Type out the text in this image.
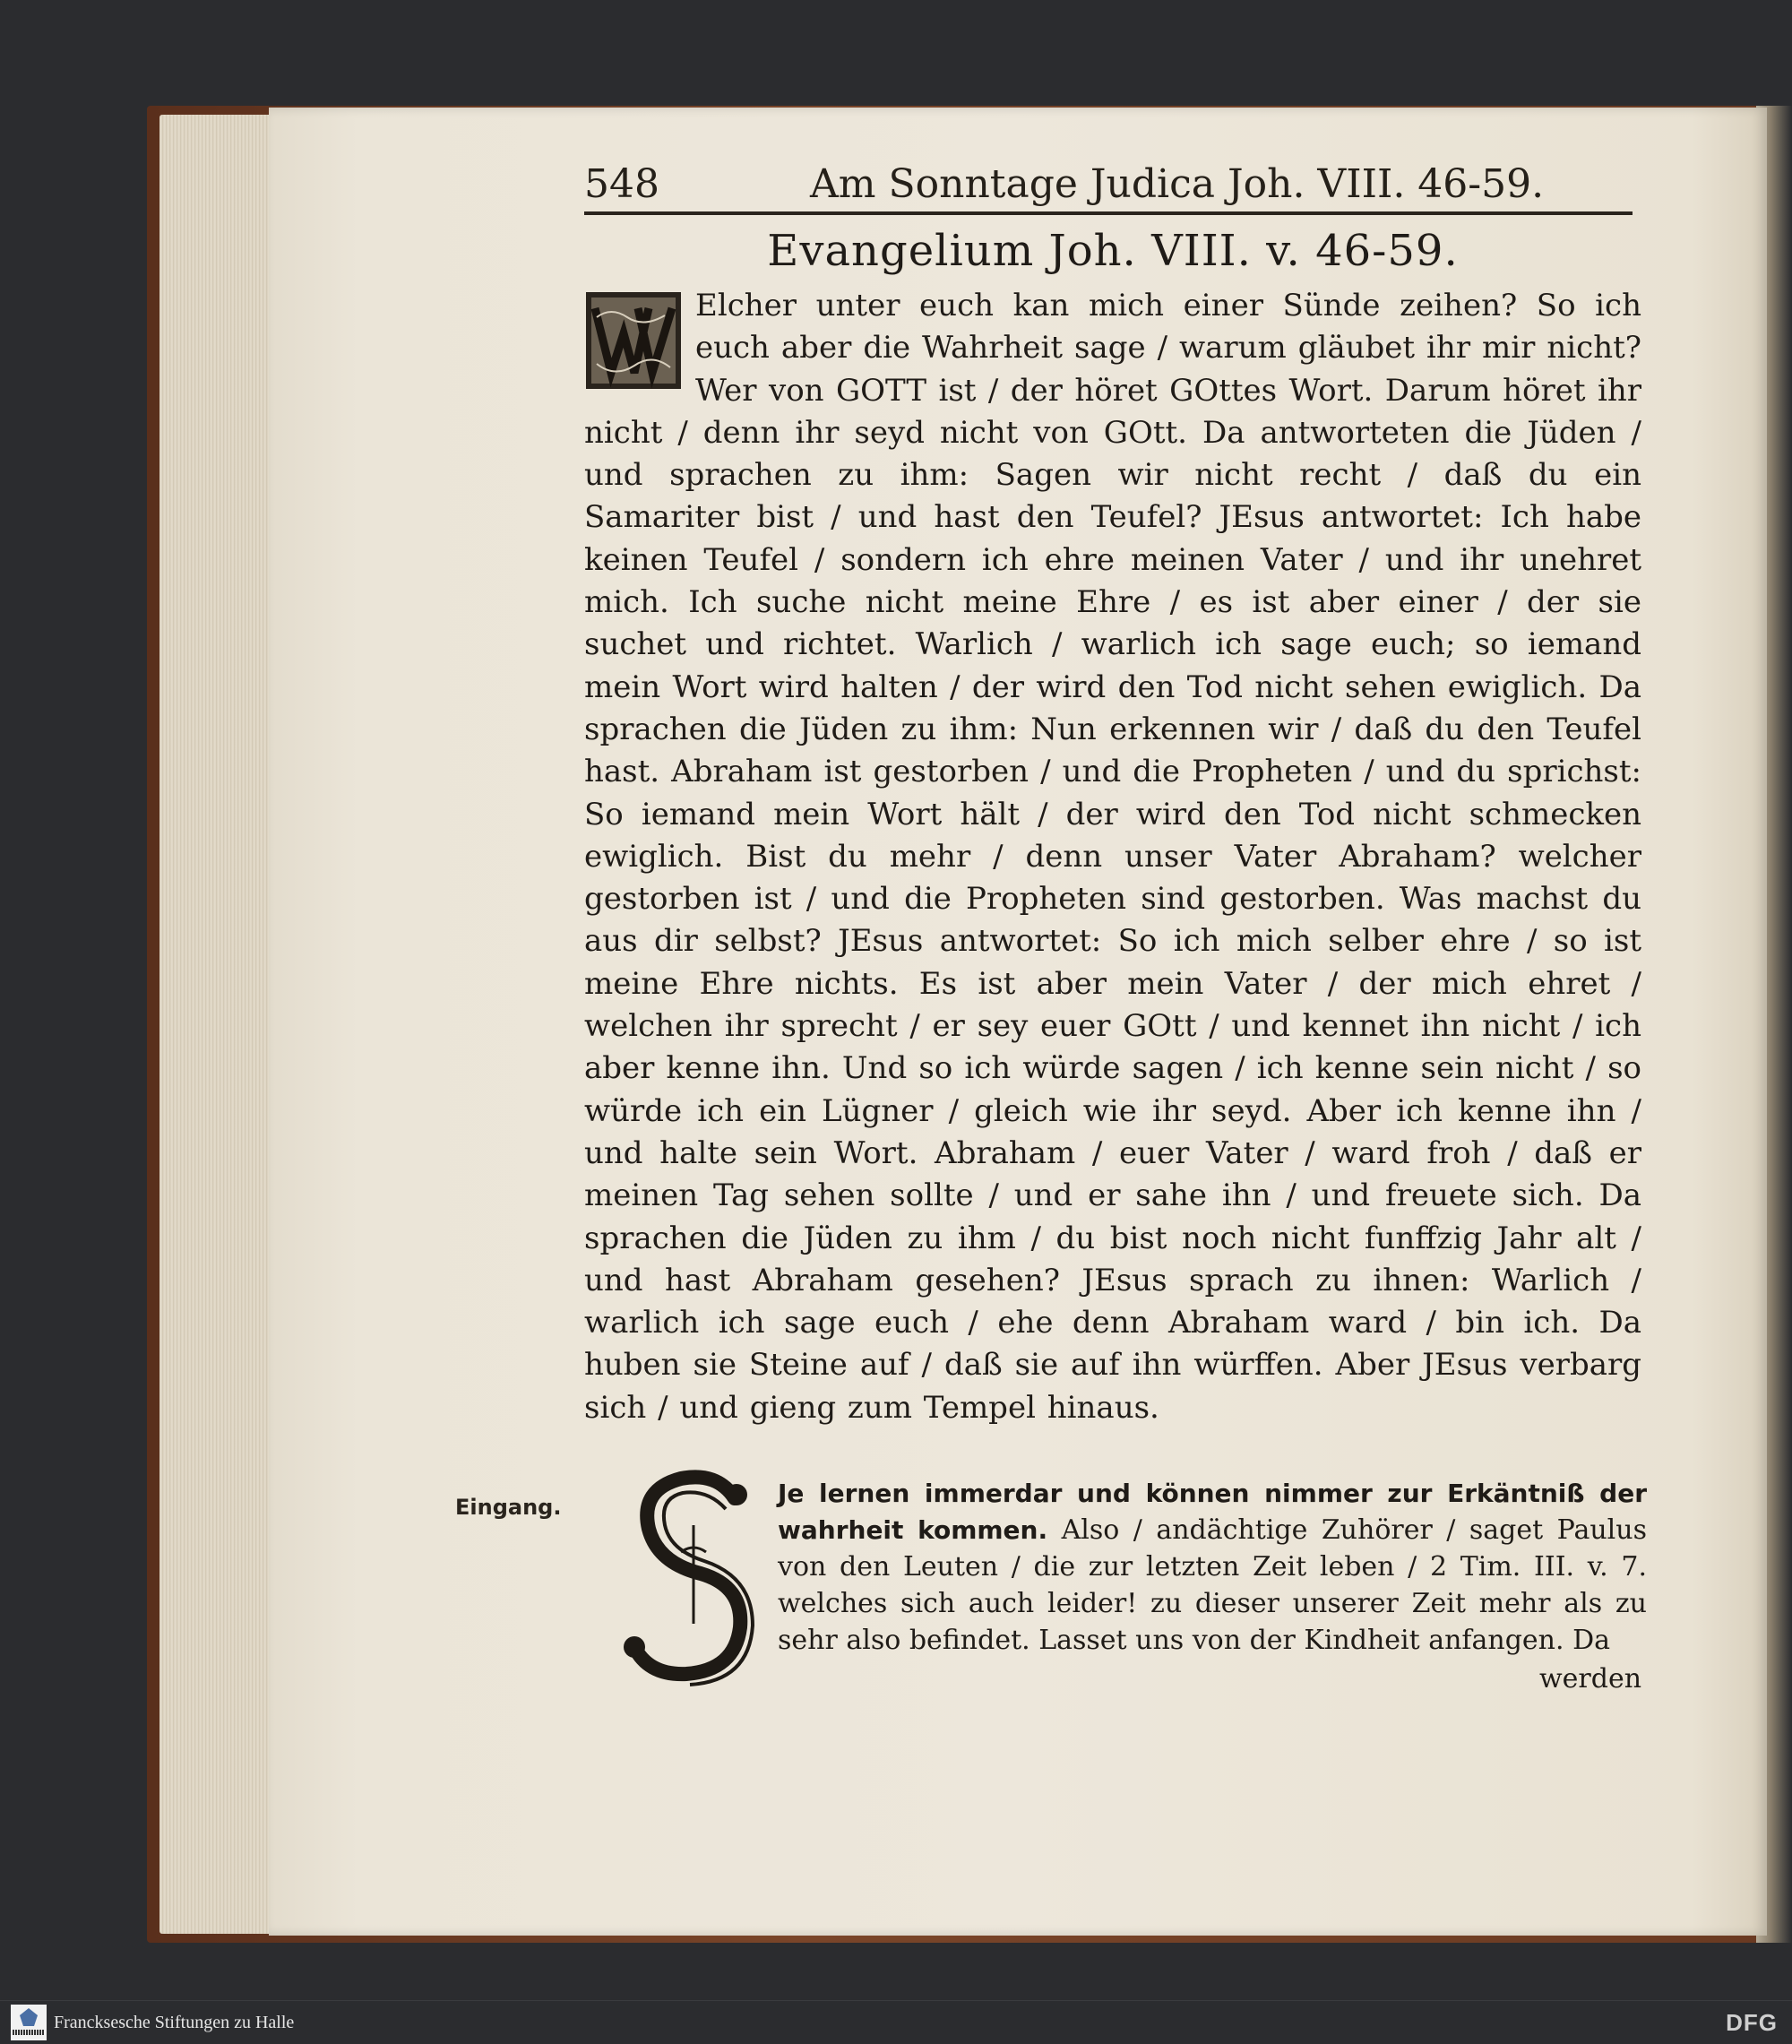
548	Am Sonntage Judica Joh. VIII. 46-59.
Evangelium Joh. VIII. v. 46-59.
Elcher unter euch kan mich einer Sünde zeihen? So ich euch aber die Wahrheit sage / warum gläubet ihr mir nicht? Wer von GOTT ist / der höret GOttes Wort. Darum höret ihr nicht / denn ihr seyd nicht von GOtt. Da antworteten die Jüden / und sprachen zu ihm: Sagen wir nicht recht / daß du ein Samariter bist / und hast den Teufel? JEsus antwortet: Ich habe keinen Teufel / sondern ich ehre meinen Vater / und ihr unehret mich. Ich suche nicht meine Ehre / es ist aber einer / der sie suchet und richtet. Warlich / warlich ich sage euch; so iemand mein Wort wird halten / der wird den Tod nicht sehen ewiglich. Da sprachen die Jüden zu ihm: Nun erkennen wir / daß du den Teufel hast. Abraham ist gestorben / und die Propheten / und du sprichst: So iemand mein Wort hält / der wird den Tod nicht schmecken ewiglich. Bist du mehr / denn unser Vater Abraham? welcher gestorben ist / und die Propheten sind gestorben. Was machst du aus dir selbst? JEsus antwortet: So ich mich selber ehre / so ist meine Ehre nichts. Es ist aber mein Vater / der mich ehret / welchen ihr sprecht / er sey euer GOtt / und kennet ihn nicht / ich aber kenne ihn. Und so ich würde sagen / ich kenne sein nicht / so würde ich ein Lügner / gleich wie ihr seyd. Aber ich kenne ihn / und halte sein Wort. Abraham / euer Vater / ward froh / daß er meinen Tag sehen sollte / und er sahe ihn / und freuete sich. Da sprachen die Jüden zu ihm / du bist noch nicht funffzig Jahr alt / und hast Abraham gesehen? JEsus sprach zu ihnen: Warlich / warlich ich sage euch / ehe denn Abraham ward / bin ich. Da huben sie Steine auf / daß sie auf ihn würffen. Aber JEsus verbarg sich / und gieng zum Tempel hinaus.
Eingang.	Je lernen immerdar und können nimmer zur Erkäntniß der wahrheit kommen. Also / andächtige Zuhörer / saget Paulus von den Leuten / die zur letzten Zeit leben / 2 Tim. III. v. 7. welches sich auch leider! zu dieser unserer Zeit mehr als zu sehr also befindet. Lasset uns von der Kindheit anfangen. Da
werden
Francksesche Stiftungen zu Halle	DFG
